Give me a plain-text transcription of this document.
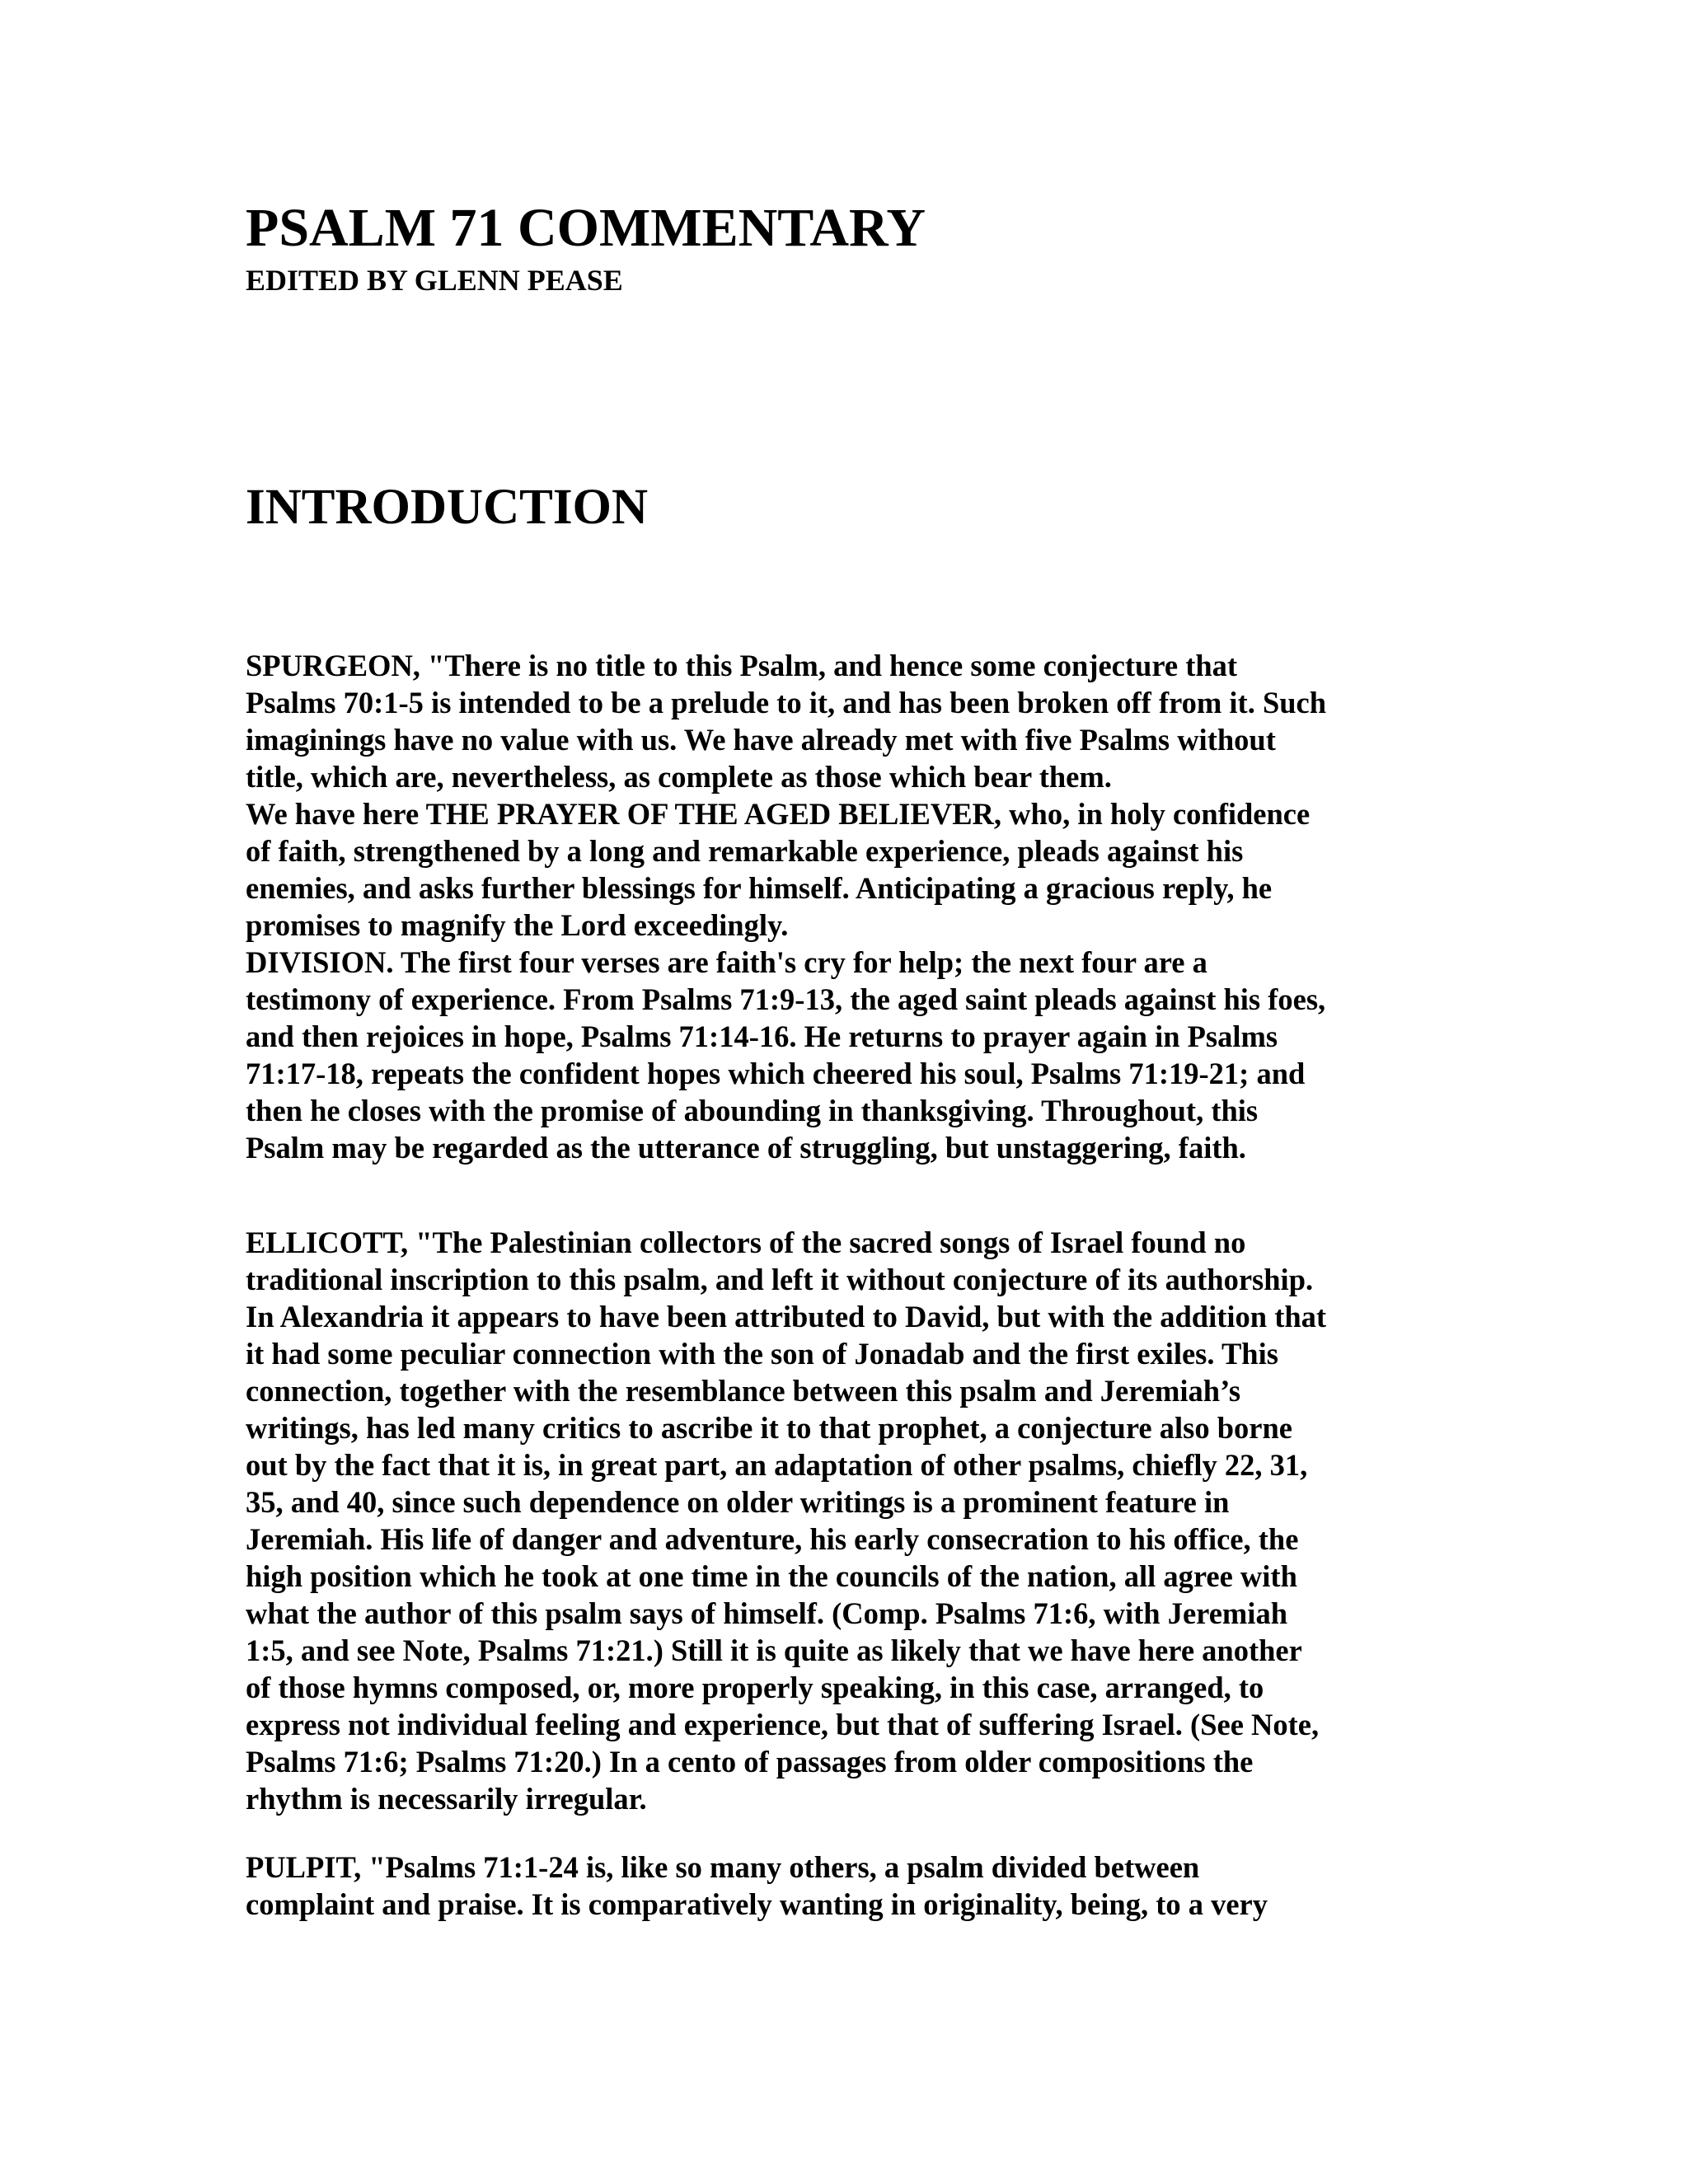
PSALM 71 COMMENTARY
EDITED BY GLENN PEASE
INTRODUCTION
SPURGEON, "There is no title to this Psalm, and hence some conjecture that
Psalms 70:1-5 is intended to be a prelude to it, and has been broken off from it. Such
imaginings have no value with us. We have already met with five Psalms without
title, which are, nevertheless, as complete as those which bear them.
We have here THE PRAYER OF THE AGED BELIEVER, who, in holy confidence
of faith, strengthened by a long and remarkable experience, pleads against his
enemies, and asks further blessings for himself. Anticipating a gracious reply, he
promises to magnify the Lord exceedingly.
DIVISION. The first four verses are faith's cry for help; the next four are a
testimony of experience. From Psalms 71:9-13, the aged saint pleads against his foes,
and then rejoices in hope, Psalms 71:14-16. He returns to prayer again in Psalms
71:17-18, repeats the confident hopes which cheered his soul, Psalms 71:19-21; and
then he closes with the promise of abounding in thanksgiving. Throughout, this
Psalm may be regarded as the utterance of struggling, but unstaggering, faith.
ELLICOTT, "The Palestinian collectors of the sacred songs of Israel found no
traditional inscription to this psalm, and left it without conjecture of its authorship.
In Alexandria it appears to have been attributed to David, but with the addition that
it had some peculiar connection with the son of Jonadab and the first exiles. This
connection, together with the resemblance between this psalm and Jeremiah’s
writings, has led many critics to ascribe it to that prophet, a conjecture also borne
out by the fact that it is, in great part, an adaptation of other psalms, chiefly 22, 31,
35, and 40, since such dependence on older writings is a prominent feature in
Jeremiah. His life of danger and adventure, his early consecration to his office, the
high position which he took at one time in the councils of the nation, all agree with
what the author of this psalm says of himself. (Comp. Psalms 71:6, with Jeremiah
1:5, and see Note, Psalms 71:21.) Still it is quite as likely that we have here another
of those hymns composed, or, more properly speaking, in this case, arranged, to
express not individual feeling and experience, but that of suffering Israel. (See Note,
Psalms 71:6; Psalms 71:20.) In a cento of passages from older compositions the
rhythm is necessarily irregular.
PULPIT, "Psalms 71:1-24 is, like so many others, a psalm divided between
complaint and praise. It is comparatively wanting in originality, being, to a very
